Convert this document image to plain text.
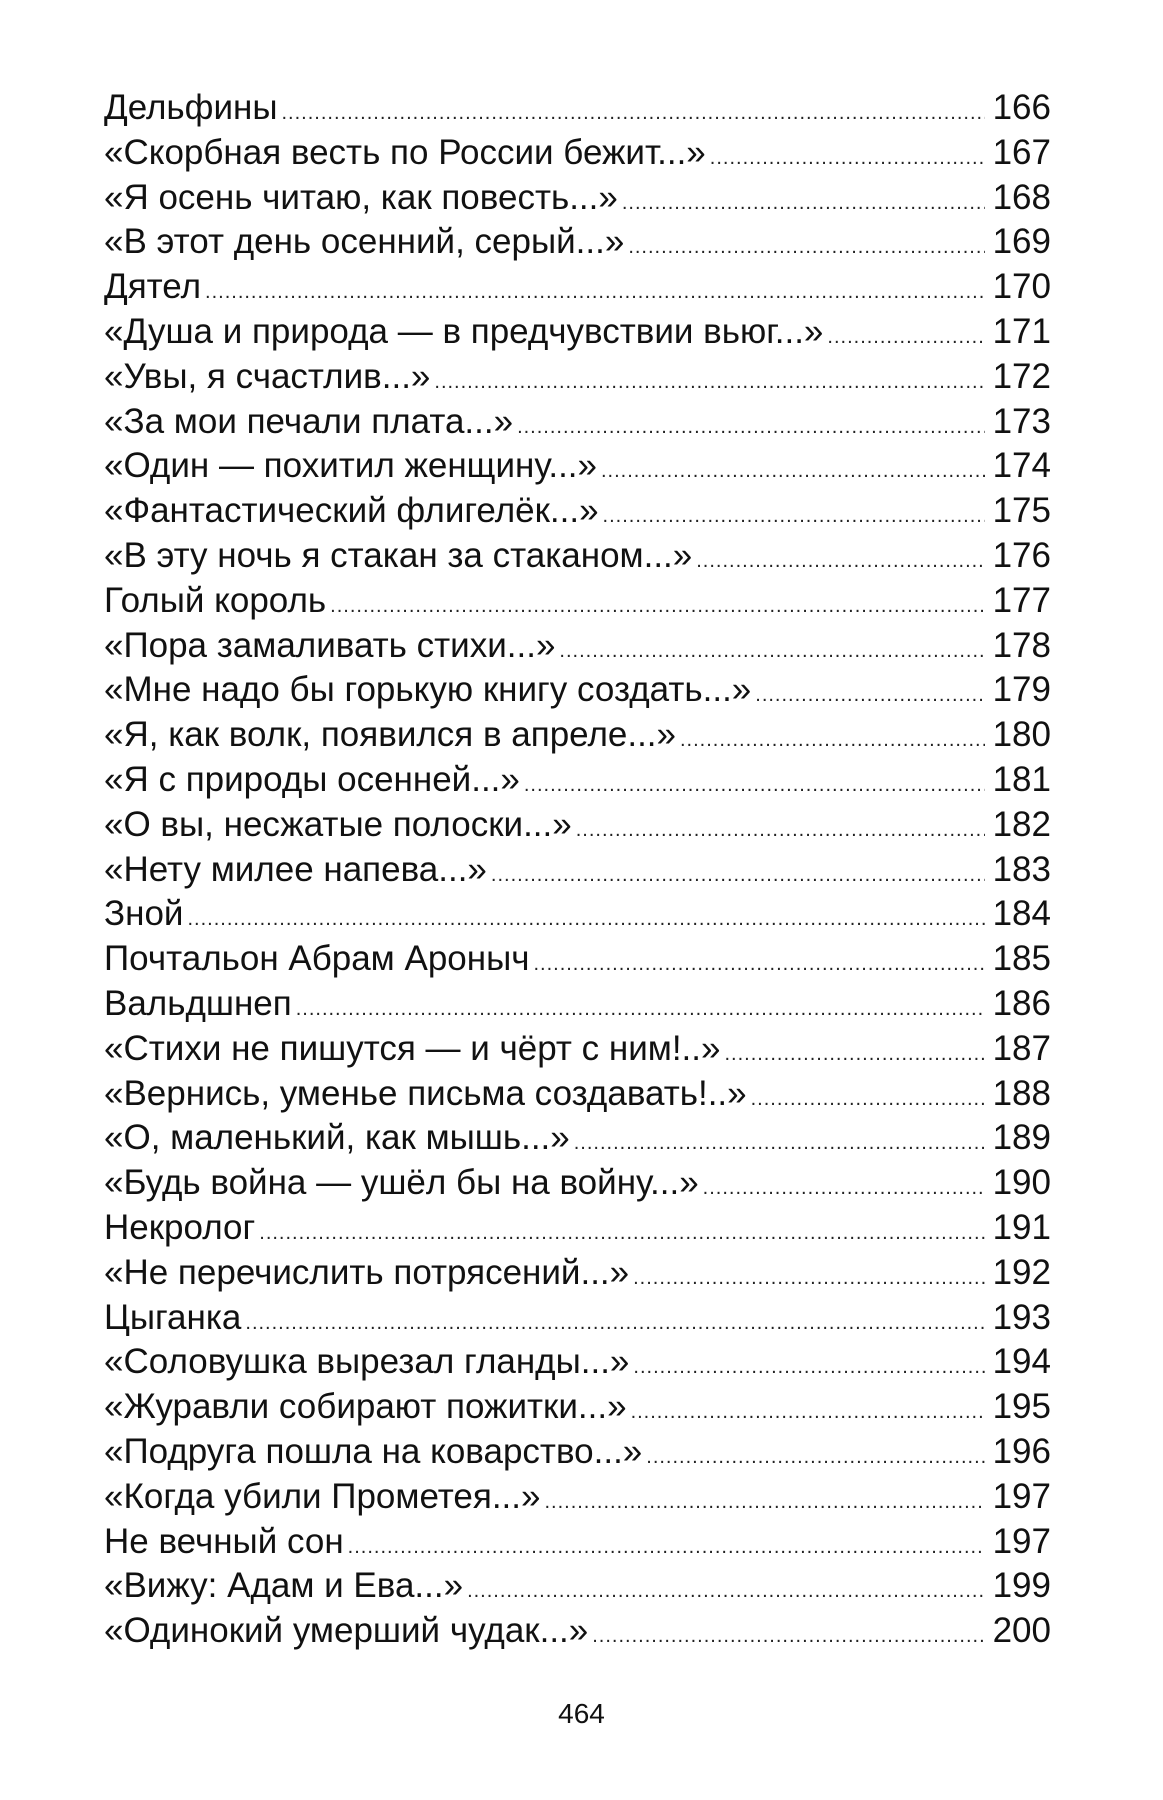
Дельфины .....	166
«Скорбная весть по России бежит...» .....	167
«Я осень читаю, как повесть...» .....	168
«В этот день осенний, серый...» .....	169
Дятел .....	170
«Душа и природа — в предчувствии вьюг...» .....	171
«Увы, я счастлив...» .....	172
«За мои печали плата...» .....	173
«Один — похитил женщину...» .....	174
«Фантастический флигелёк...» .....	175
«В эту ночь я стакан за стаканом...» .....	176
Голый король .....	177
«Пора замаливать стихи...» .....	178
«Мне надо бы горькую книгу создать...» .....	179
«Я, как волк, появился в апреле...» .....	180
«Я с природы осенней...» .....	181
«О вы, несжатые полоски...» .....	182
«Нету милее напева...» .....	183
Зной .....	184
Почтальон Абрам Ароныч .....	185
Вальдшнеп .....	186
«Стихи не пишутся — и чёрт с ним!..» .....	187
«Вернись, уменье письма создавать!..» .....	188
«О, маленький, как мышь...» .....	189
«Будь война — ушёл бы на войну...» .....	190
Некролог .....	191
«Не перечислить потрясений...» .....	192
Цыганка .....	193
«Соловушка вырезал гланды...» .....	194
«Журавли собирают пожитки...» .....	195
«Подруга пошла на коварство...» .....	196
«Когда убили Прометея...» .....	197
Не вечный сон .....	197
«Вижу: Адам и Ева...» .....	199
«Одинокий умерший чудак...» .....	200
464
